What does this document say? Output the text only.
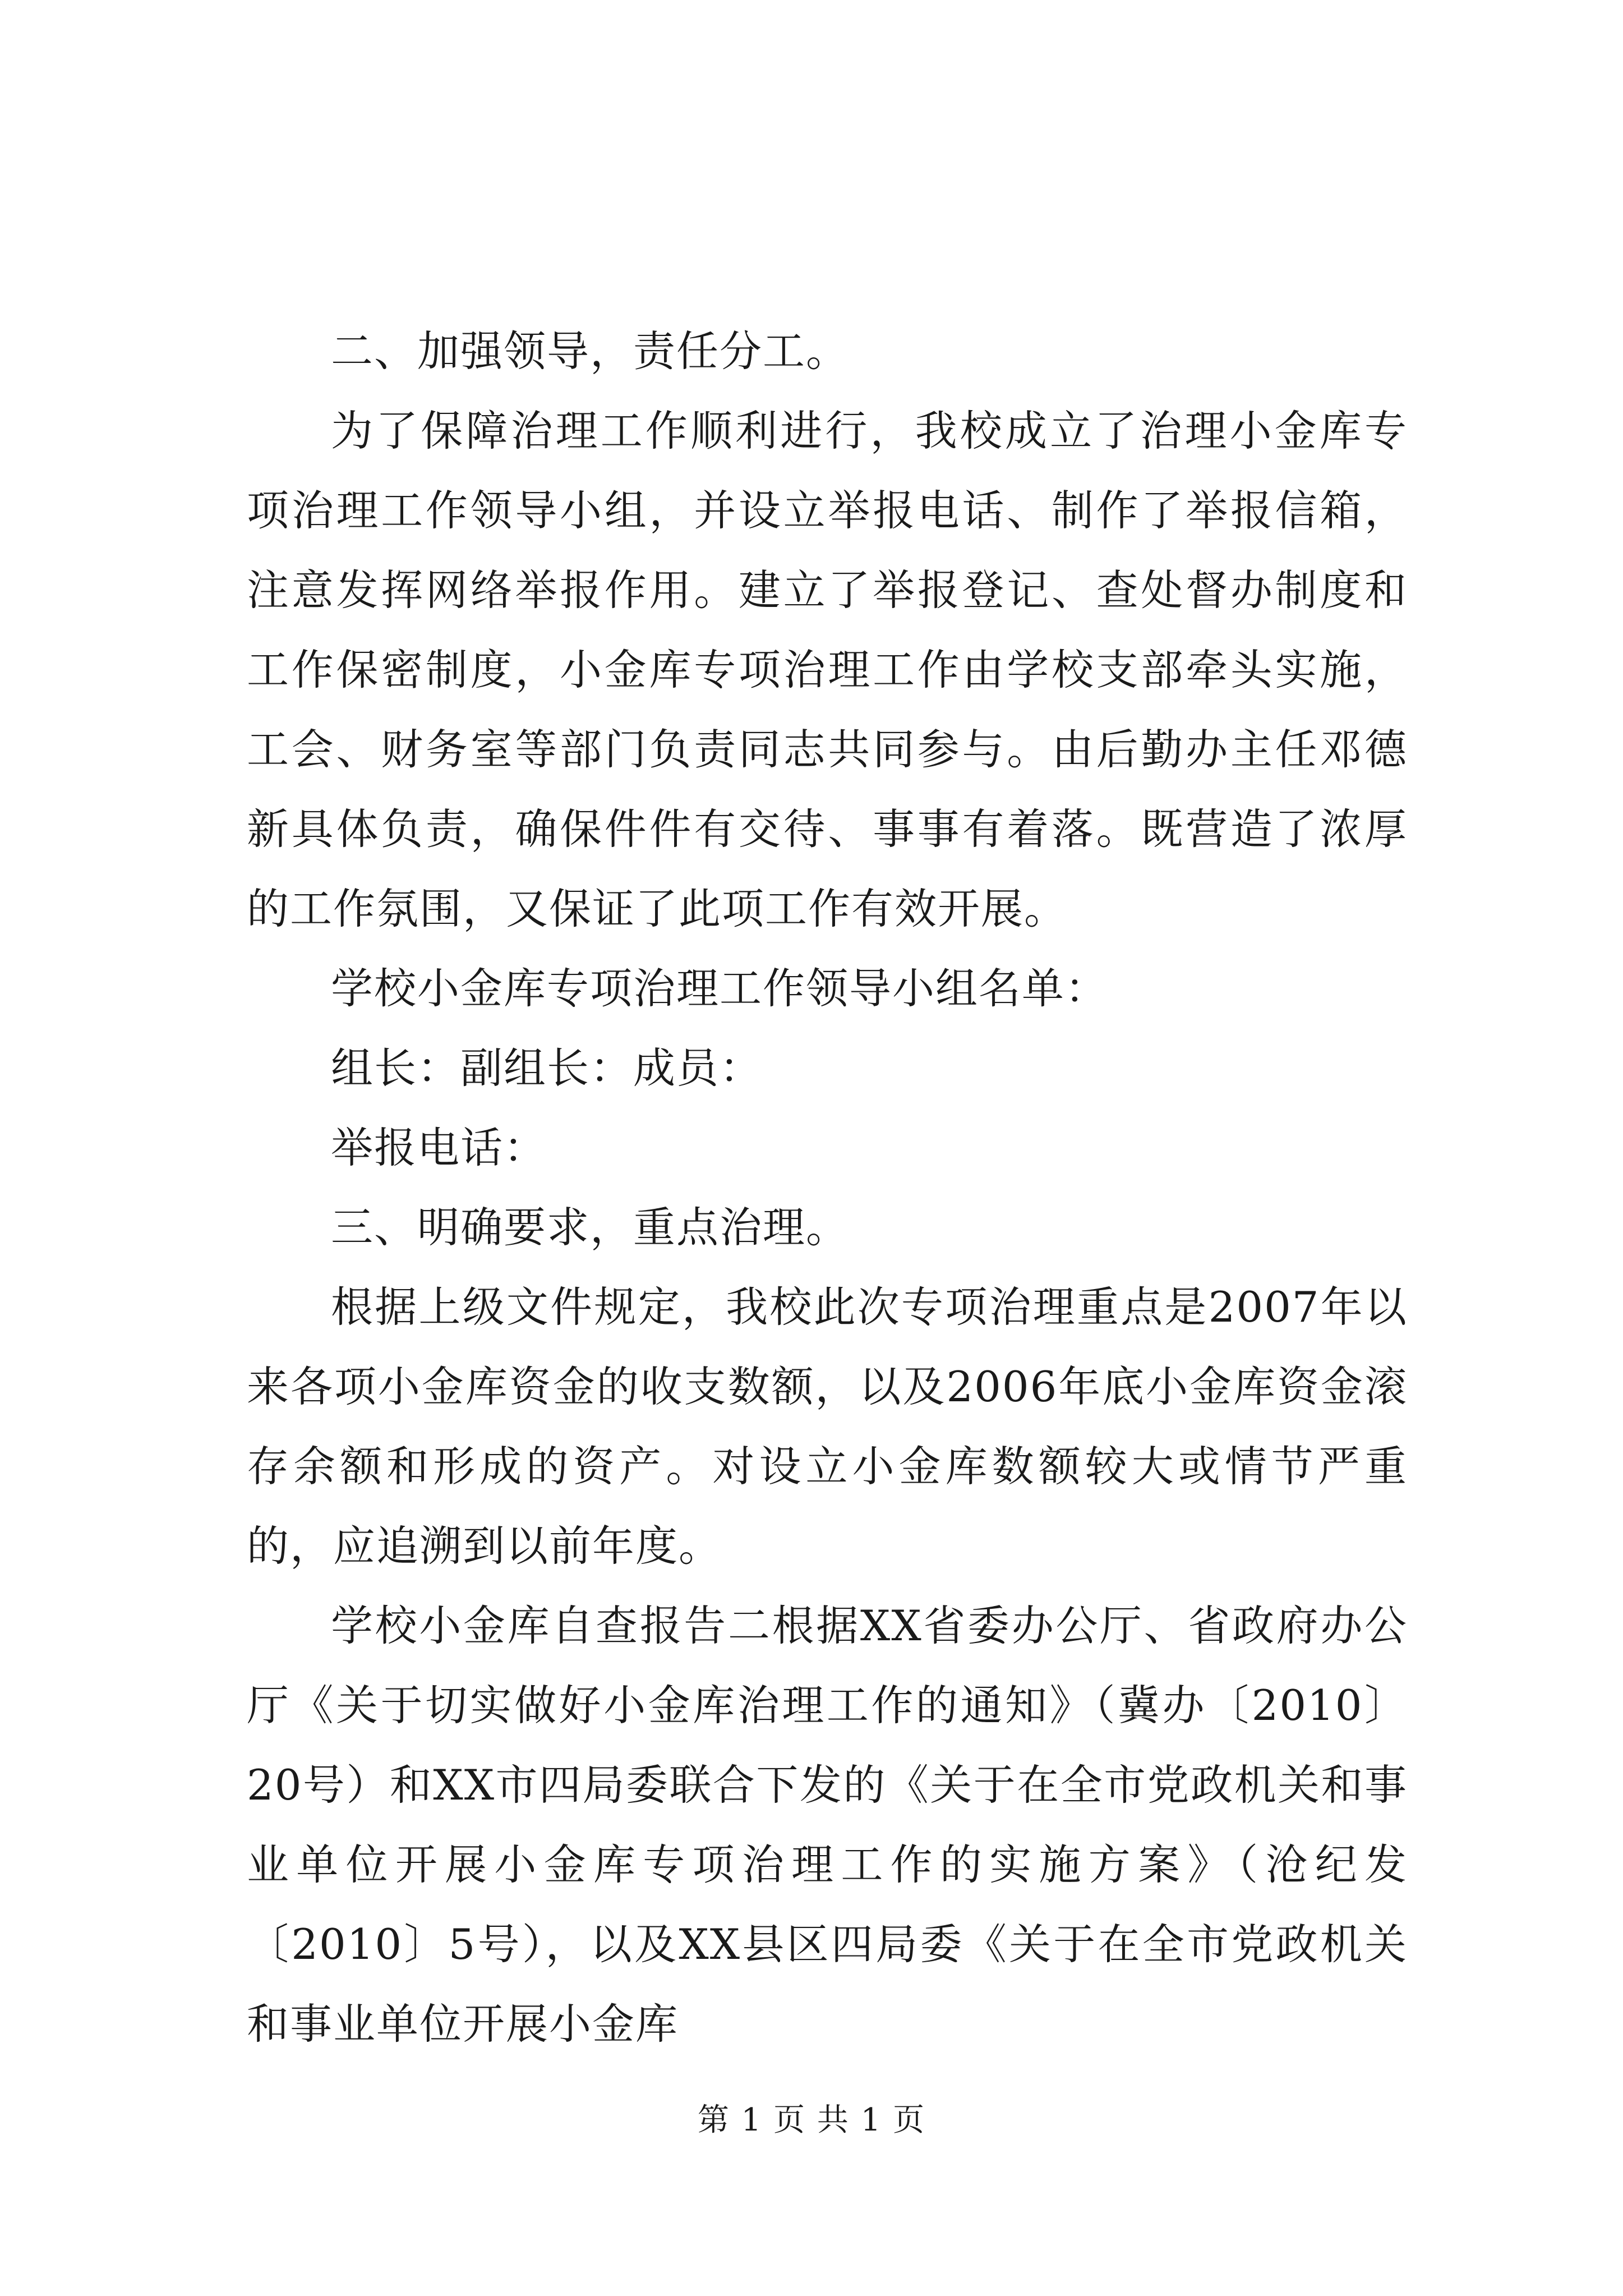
二、加强领导，责任分工。

为了保障治理工作顺利进行，我校成立了治理小金库专项治理工作领导小组，并设立举报电话、制作了举报信箱，注意发挥网络举报作用。建立了举报登记、查处督办制度和工作保密制度，小金库专项治理工作由学校支部牵头实施，工会、财务室等部门负责同志共同参与。由后勤办主任邓德新具体负责，确保件件有交待、事事有着落。既营造了浓厚的工作氛围，又保证了此项工作有效开展。

学校小金库专项治理工作领导小组名单：

组长：副组长：成员：

举报电话：

三、明确要求，重点治理。

根据上级文件规定，我校此次专项治理重点是2007年以来各项小金库资金的收支数额，以及2006年底小金库资金滚存余额和形成的资产。对设立小金库数额较大或情节严重的，应追溯到以前年度。

学校小金库自查报告二根据XX省委办公厅、省政府办公厅《关于切实做好小金库治理工作的通知》（冀办〔2010〕20号）和XX市四局委联合下发的《关于在全市党政机关和事业单位开展小金库专项治理工作的实施方案》（沧纪发〔2010〕5号），以及XX县区四局委《关于在全市党政机关和事业单位开展小金库

第 1 页 共 1 页
